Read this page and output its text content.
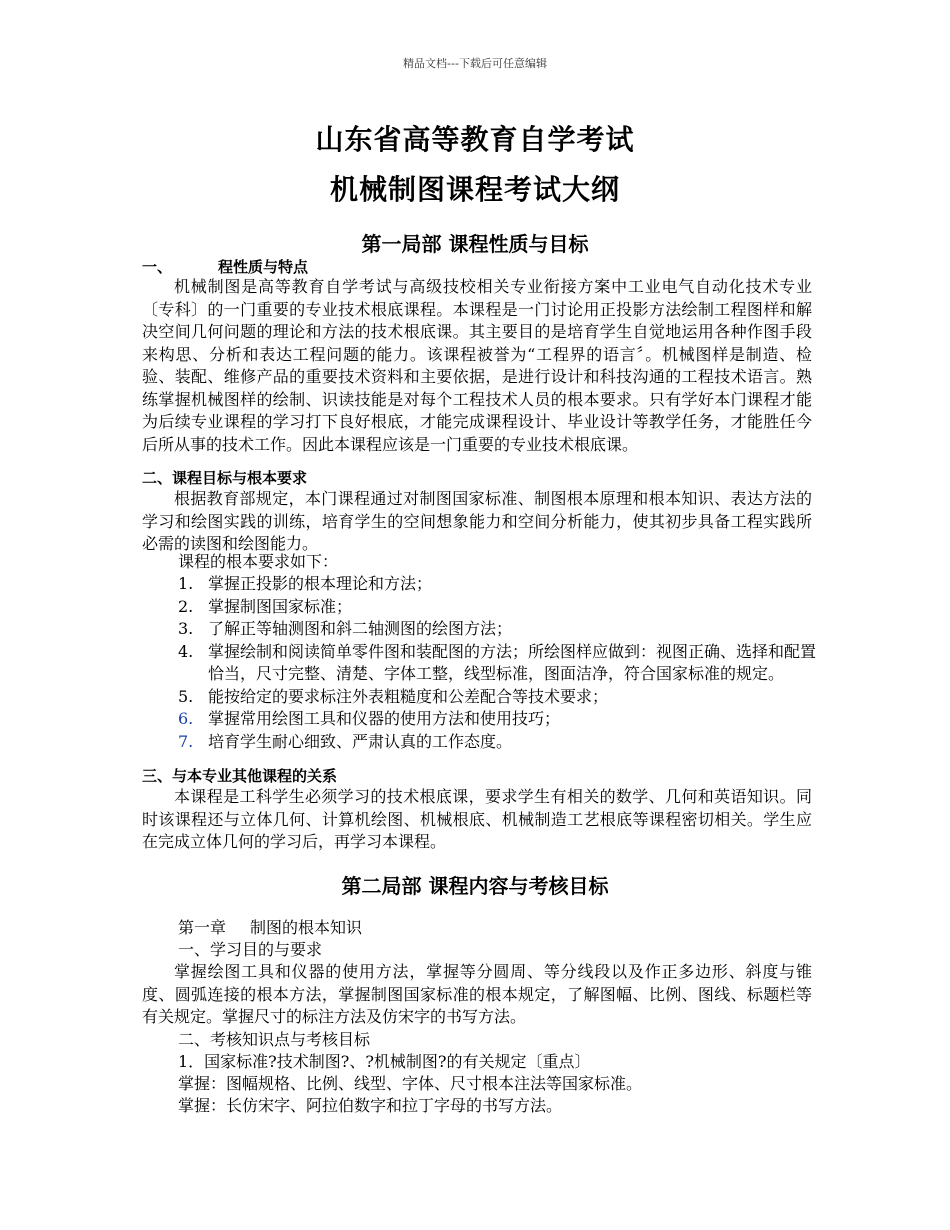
精品文档---下载后可任意编辑
山东省高等教育自学考试
机械制图课程考试大纲
第一局部 课程性质与目标
一、	程性质与特点
机械制图是高等教育自学考试与高级技校相关专业衔接方案中工业电气自动化技术专业〔专科〕的一门重要的专业技术根底课程。本课程是一门讨论用正投影方法绘制工程图样和解决空间几何问题的理论和方法的技术根底课。其主要目的是培育学生自觉地运用各种作图手段来构思、分析和表达工程问题的能力。该课程被誉为“工程界的语言〞。机械图样是制造、检验、装配、维修产品的重要技术资料和主要依据，是进行设计和科技沟通的工程技术语言。熟练掌握机械图样的绘制、识读技能是对每个工程技术人员的根本要求。只有学好本门课程才能为后续专业课程的学习打下良好根底，才能完成课程设计、毕业设计等教学任务，才能胜任今后所从事的技术工作。因此本课程应该是一门重要的专业技术根底课。
二、课程目标与根本要求
根据教育部规定，本门课程通过对制图国家标准、制图根本原理和根本知识、表达方法的学习和绘图实践的训练，培育学生的空间想象能力和空间分析能力，使其初步具备工程实践所必需的读图和绘图能力。
课程的根本要求如下：
1. 掌握正投影的根本理论和方法；
2. 掌握制图国家标准；
3. 了解正等轴测图和斜二轴测图的绘图方法；
4. 掌握绘制和阅读简单零件图和装配图的方法；所绘图样应做到：视图正确、选择和配置恰当，尺寸完整、清楚、字体工整，线型标准，图面洁净，符合国家标准的规定。
5. 能按给定的要求标注外表粗糙度和公差配合等技术要求；
6. 掌握常用绘图工具和仪器的使用方法和使用技巧；
7. 培育学生耐心细致、严肃认真的工作态度。
三、与本专业其他课程的关系
本课程是工科学生必须学习的技术根底课，要求学生有相关的数学、几何和英语知识。同时该课程还与立体几何、计算机绘图、机械根底、机械制造工艺根底等课程密切相关。学生应在完成立体几何的学习后，再学习本课程。
第二局部 课程内容与考核目标
第一章 制图的根本知识
一、学习目的与要求
掌握绘图工具和仪器的使用方法，掌握等分圆周、等分线段以及作正多边形、斜度与锥度、圆弧连接的根本方法，掌握制图国家标准的根本规定，了解图幅、比例、图线、标题栏等有关规定。掌握尺寸的标注方法及仿宋字的书写方法。
二、考核知识点与考核目标
1．国家标准?技术制图?、?机械制图?的有关规定〔重点〕
掌握：图幅规格、比例、线型、字体、尺寸根本注法等国家标准。
掌握：长仿宋字、阿拉伯数字和拉丁字母的书写方法。
